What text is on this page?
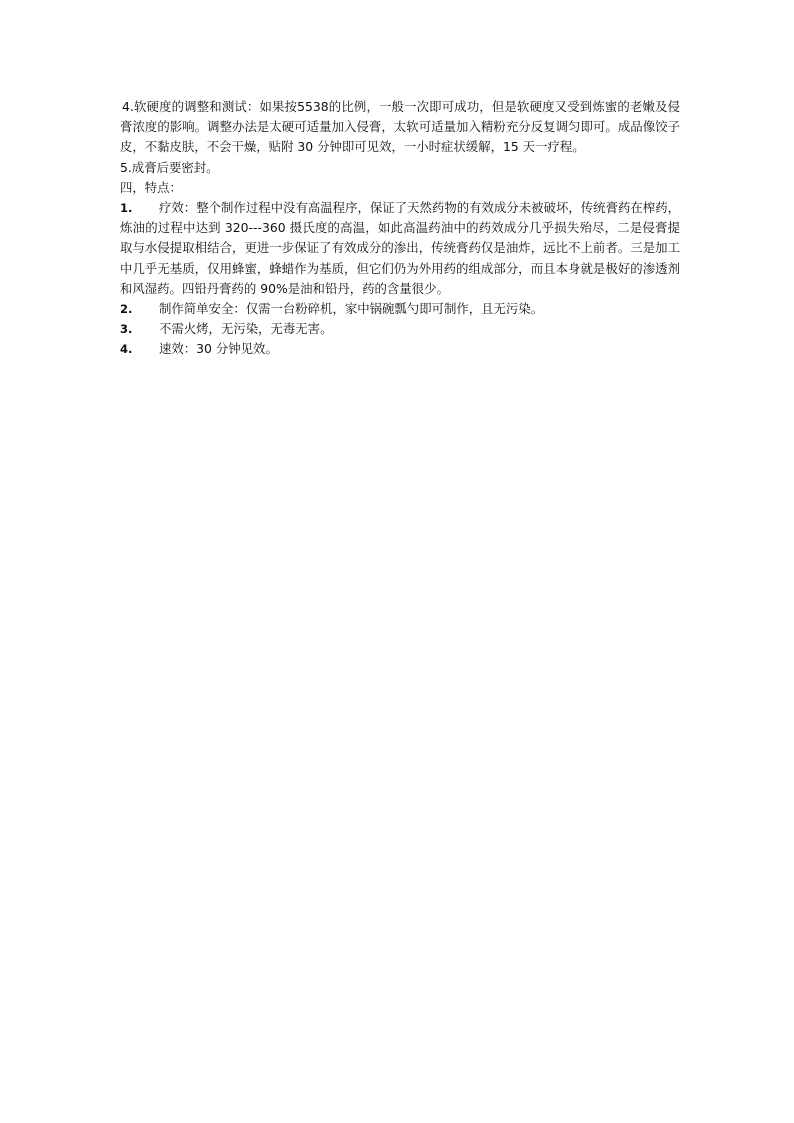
4.软硬度的调整和测试：如果按5538的比例，一般一次即可成功，但是软硬度又受到炼蜜的老嫩及侵膏浓度的影响。调整办法是太硬可适量加入侵膏，太软可适量加入精粉充分反复调匀即可。成品像饺子皮，不黏皮肤，不会干燥，贴附 30 分钟即可见效，一小时症状缓解，15 天一疗程。

5.成膏后要密封。

四，特点：

1. 疗效：整个制作过程中没有高温程序，保证了天然药物的有效成分未被破坏，传统膏药在榨药，炼油的过程中达到 320---360 摄氏度的高温，如此高温药油中的药效成分几乎损失殆尽，二是侵膏提取与水侵提取相结合，更进一步保证了有效成分的渗出，传统膏药仅是油炸，远比不上前者。三是加工中几乎无基质，仅用蜂蜜，蜂蜡作为基质，但它们仍为外用药的组成部分，而且本身就是极好的渗透剂和风湿药。四铅丹膏药的 90%是油和铅丹，药的含量很少。
2. 制作简单安全：仅需一台粉碎机，家中锅碗瓢勺即可制作，且无污染。
3. 不需火烤，无污染，无毒无害。
4. 速效：30 分钟见效。
